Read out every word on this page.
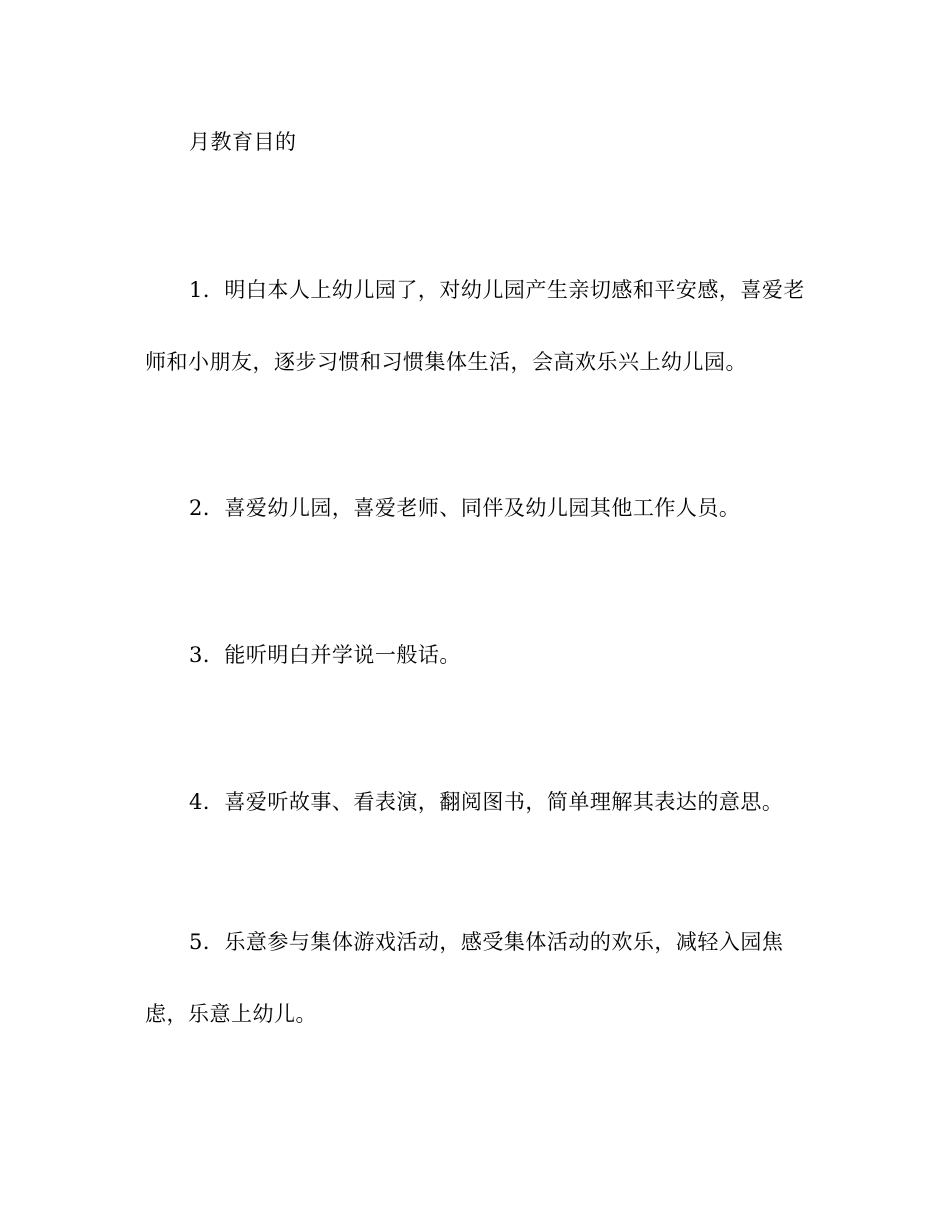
月教育目的
1．明白本人上幼儿园了，对幼儿园产生亲切感和平安感，喜爱老师和小朋友，逐步习惯和习惯集体生活，会高欢乐兴上幼儿园。
2．喜爱幼儿园，喜爱老师、同伴及幼儿园其他工作人员。
3．能听明白并学说一般话。
4．喜爱听故事、看表演，翻阅图书，简单理解其表达的意思。
5．乐意参与集体游戏活动，感受集体活动的欢乐，减轻入园焦虑，乐意上幼儿。
